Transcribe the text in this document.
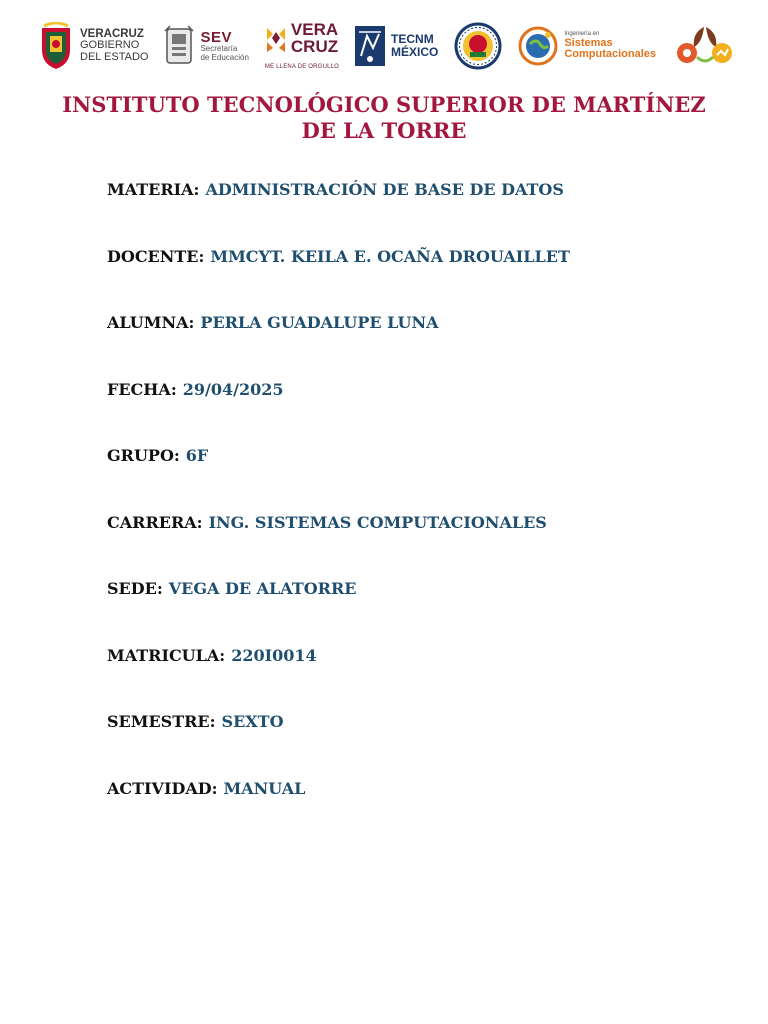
VERACRUZ
GOBIERNO
DEL ESTADO
SEV
Secretaría
de Educación
VERA
CRUZ
ME LLENA DE ORGULLO
TECNM
MÉXICO
Ingeniería en
Sistemas
Computacionales
INSTITUTO TECNOLÓGICO SUPERIOR DE MARTÍNEZ DE LA TORRE
MATERIA: ADMINISTRACIÓN DE BASE DE DATOS
DOCENTE: MMCYT. KEILA E. OCAÑA DROUAILLET
ALUMNA: PERLA GUADALUPE LUNA
FECHA: 29/04/2025
GRUPO: 6F
CARRERA: ING. SISTEMAS COMPUTACIONALES
SEDE: VEGA DE ALATORRE
MATRICULA: 220I0014
SEMESTRE: SEXTO
ACTIVIDAD: MANUAL
